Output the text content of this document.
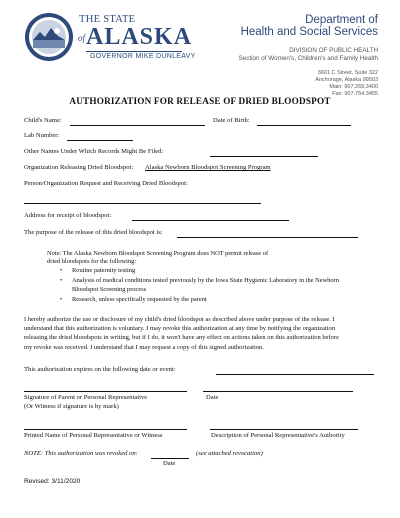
THE STATE
of ALASKA
GOVERNOR MIKE DUNLEAVY
Department of
Health and Social Services
DIVISION OF PUBLIC HEALTH
Section of Women's, Children's and Family Health
3601 C Street, Suite 322
Anchorage, Alaska 99503
Main: 907.269.3400
Fax: 907.754.3455
AUTHORIZATION FOR RELEASE OF DRIED BLOODSPOT
Child's Name:	Date of Birth:
Lab Number:
Other Names Under Which Records Might Be Filed:
Organization Releasing Dried Bloodspot: Alaska Newborn Bloodspot Screening Program
Person/Organization Request and Receiving Dried Bloodspot:
Address for receipt of bloodspot:
The purpose of the release of this dried bloodspot is:
Note: The Alaska Newborn Bloodspot Screening Program does NOT permit release of
dried bloodspots for the following:
• Routine paternity testing
• Analysis of medical conditions tested previously by the Iowa State Hygienic Laboratory in the Newborn
Bloodspot Screening process
• Research, unless specifically requested by the parent
I hereby authorize the use or disclosure of my child's dried bloodspot as described above under purpose of the release. I
understand that this authorization is voluntary. I may revoke this authorization at any time by notifying the organization
releasing the dried bloodspots in writing, but if I do, it won't have any effect on actions taken on this authorization before
my revoke was received. I understand that I may request a copy of this signed authorization.
This authorization expires on the following date or event:
Signature of Parent or Personal Representative
(Or Witness if signature is by mark)
Date
Printed Name of Personal Representative or Witness	Description of Personal Representative's Authority
NOTE: This authorization was revoked on:	(see attached revocation)
Date
Revised: 3/11/2020
